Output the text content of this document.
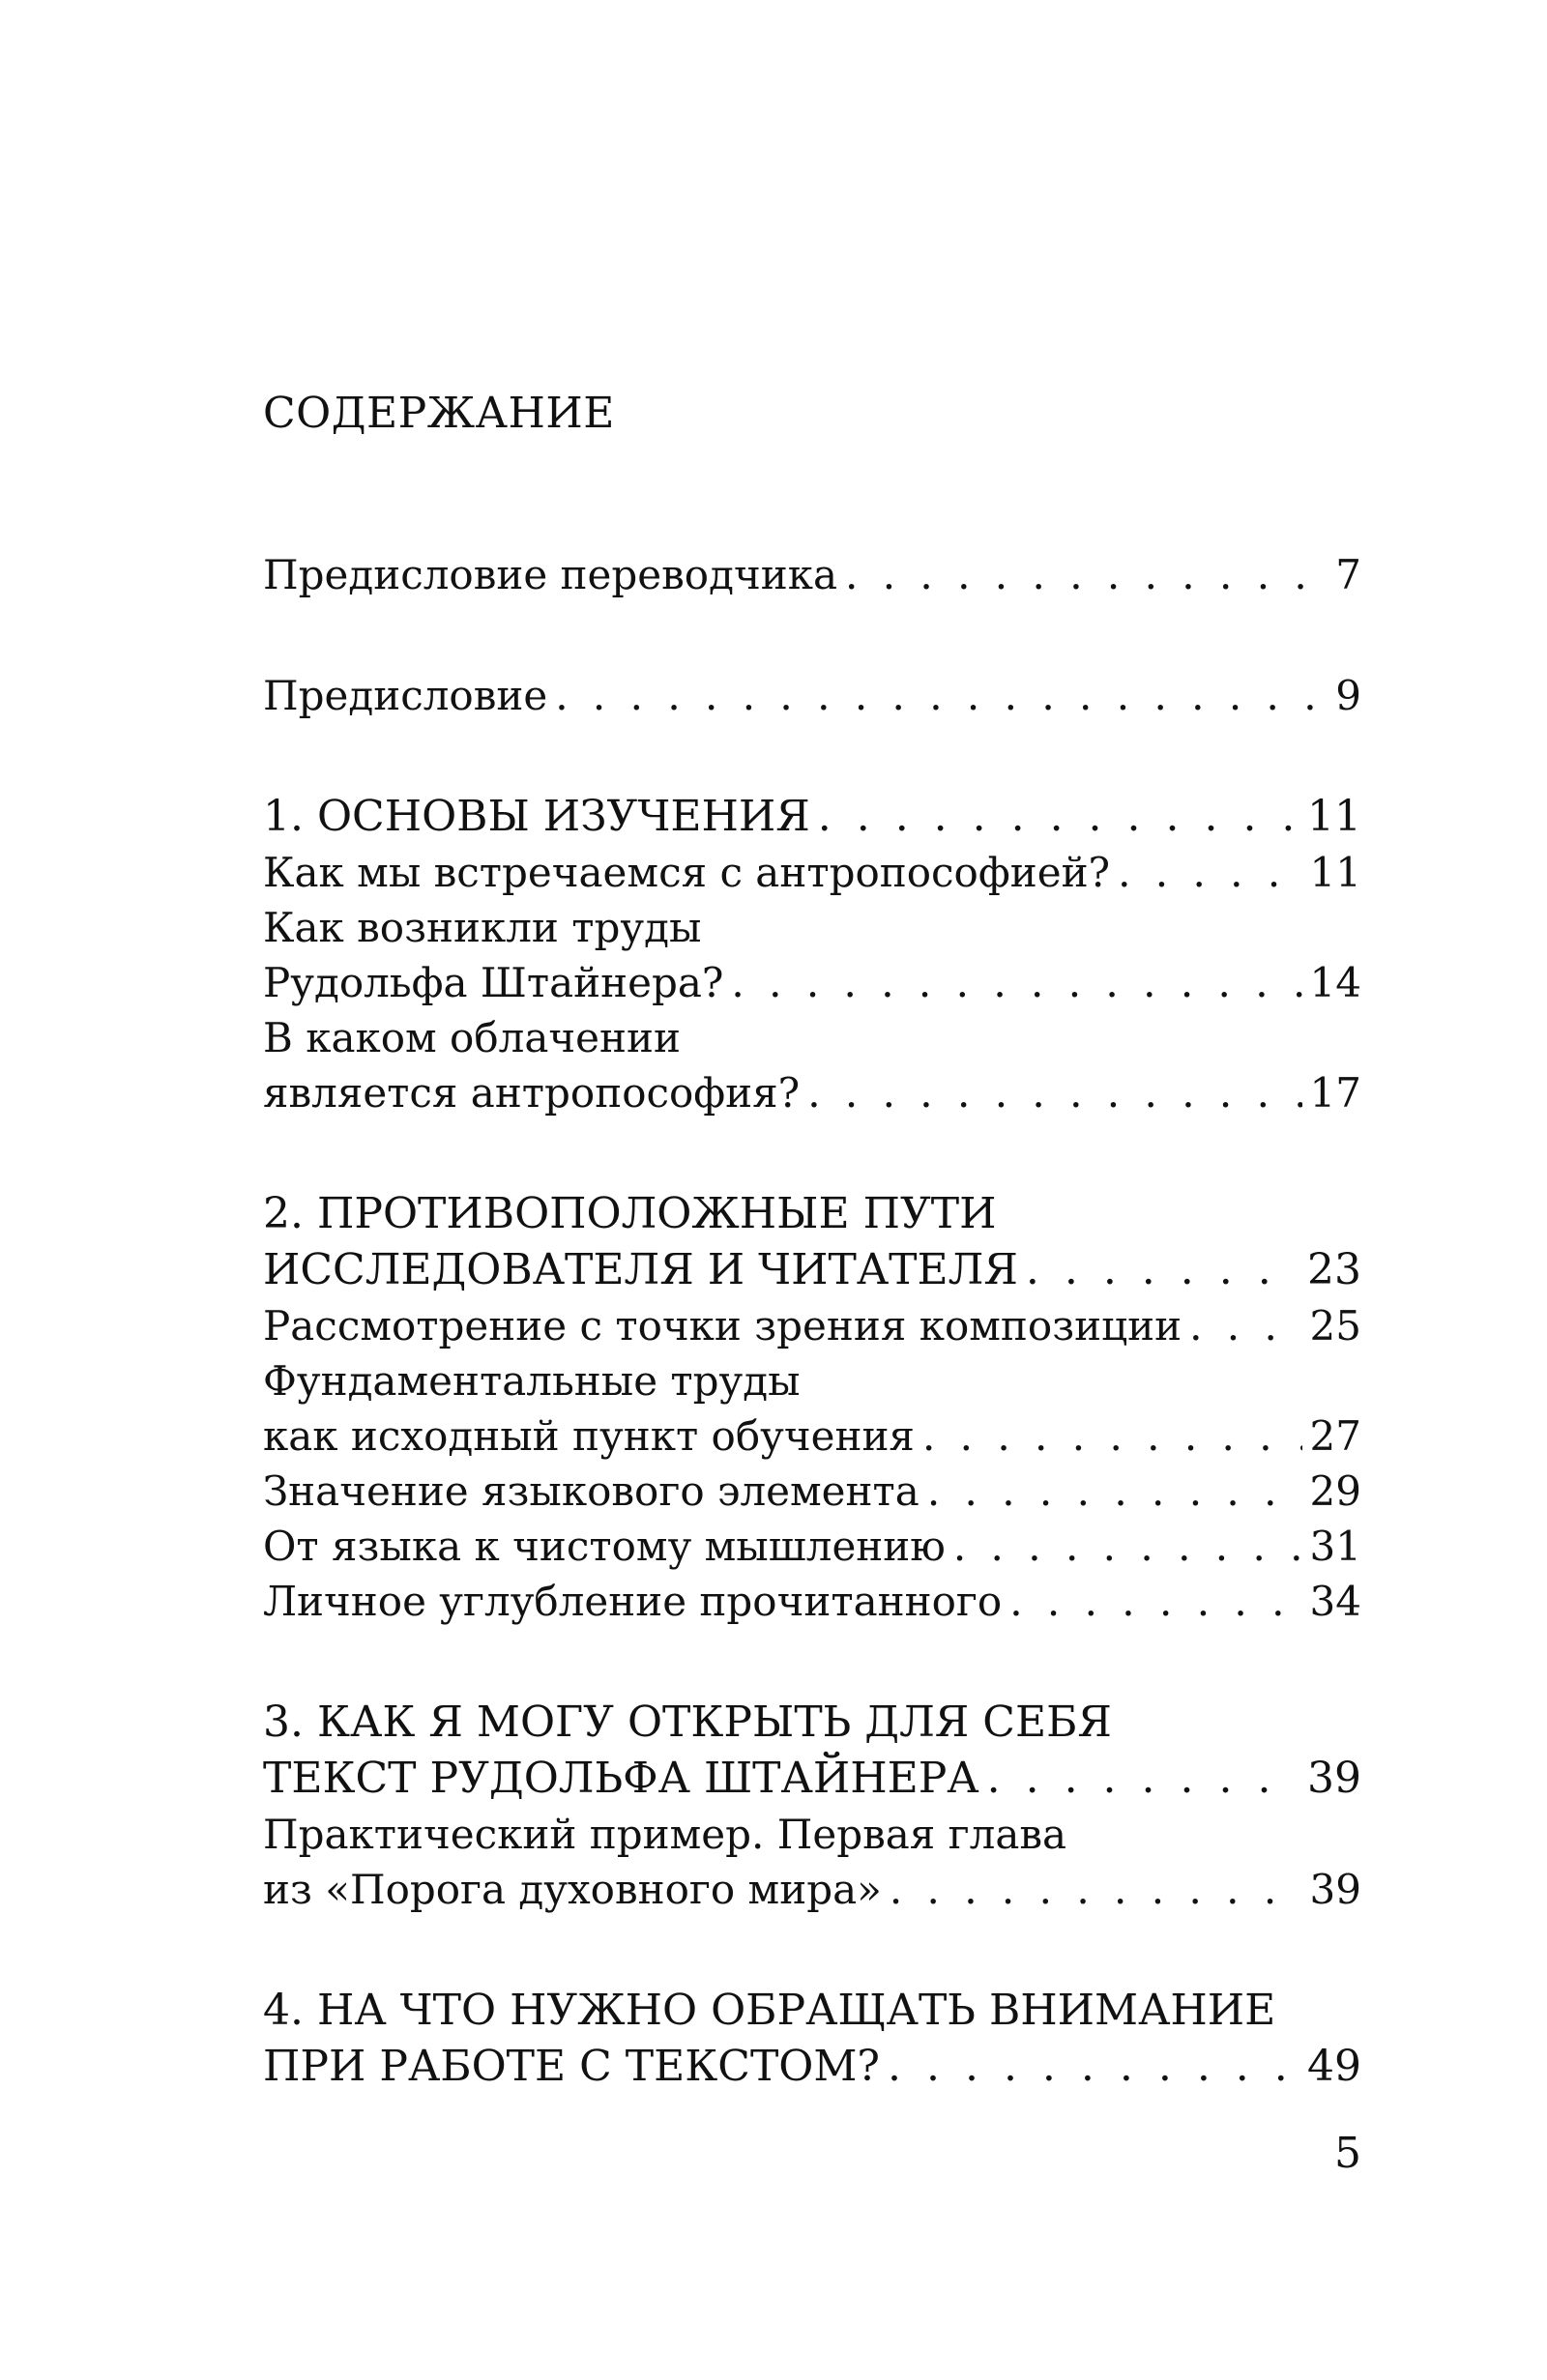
СОДЕРЖАНИЕ
Предисловие переводчика . . .	7
Предисловие . . .	9
1. ОСНОВЫ ИЗУЧЕНИЯ . . .	11
Как мы встречаемся с антропософией? . . .	11
Как возникли труды
Рудольфа Штайнера? . . .	14
В каком облачении
является антропософия? . . .	17
2. ПРОТИВОПОЛОЖНЫЕ ПУТИ
ИССЛЕДОВАТЕЛЯ И ЧИТАТЕЛЯ . . .	23
Рассмотрение с точки зрения композиции . . .	25
Фундаментальные труды
как исходный пункт обучения . . .	27
Значение языкового элемента . . .	29
От языка к чистому мышлению . . .	31
Личное углубление прочитанного . . .	34
3. КАК Я МОГУ ОТКРЫТЬ ДЛЯ СЕБЯ
ТЕКСТ РУДОЛЬФА ШТАЙНЕРА . . .	39
Практический пример. Первая глава
из «Порога духовного мира» . . .	39
4. НА ЧТО НУЖНО ОБРАЩАТЬ ВНИМАНИЕ
ПРИ РАБОТЕ С ТЕКСТОМ? . . .	49
5
